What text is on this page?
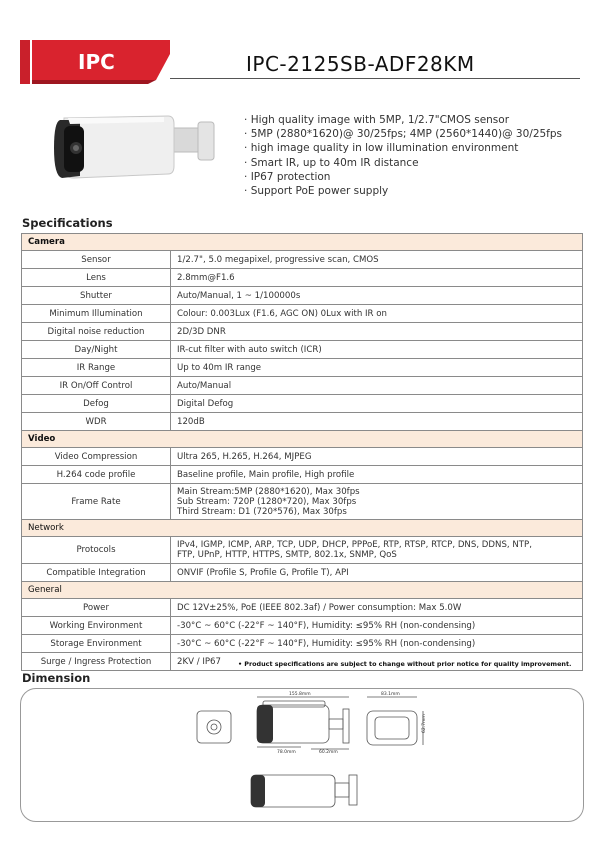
IPC	IPC-2125SB-ADF28KM
· High quality image with 5MP, 1/2.7"CMOS sensor
· 5MP (2880*1620)@ 30/25fps; 4MP (2560*1440)@ 30/25fps
· high image quality in low illumination environment
· Smart IR, up to 40m IR distance
· IP67 protection
· Support PoE power supply
Specifications
Camera	
Sensor	1/2.7", 5.0 megapixel, progressive scan, CMOS
Lens	2.8mm@F1.6
Shutter	Auto/Manual, 1 ~ 1/100000s
Minimum Illumination	Colour: 0.003Lux (F1.6, AGC ON) 0Lux with IR on
Digital noise reduction	2D/3D DNR
Day/Night	IR-cut filter with auto switch (ICR)
IR Range	Up to 40m IR range
IR On/Off Control	Auto/Manual
Defog	Digital Defog
WDR	120dB
Video	
Video Compression	Ultra 265, H.265, H.264, MJPEG
H.264 code profile	Baseline profile, Main profile, High profile
Frame Rate	Main Stream:5MP (2880*1620), Max 30fps
Sub Stream: 720P (1280*720), Max 30fps
Third Stream: D1 (720*576), Max 30fps

Network	
Protocols	IPv4, IGMP, ICMP, ARP, TCP, UDP, DHCP, PPPoE, RTP, RTSP, RTCP, DNS, DDNS, NTP,
FTP, UPnP, HTTP, HTTPS, SMTP, 802.1x, SNMP, QoS

Compatible Integration	ONVIF (Profile S, Profile G, Profile T), API
General	
Power	DC 12V±25%, PoE (IEEE 802.3af) / Power consumption: Max 5.0W
Working Environment	-30°C ~ 60°C (-22°F ~ 140°F), Humidity: ≤95% RH (non-condensing)
Storage Environment	-30°C ~ 60°C (-22°F ~ 140°F), Humidity: ≤95% RH (non-condensing)
Surge / Ingress Protection	2KV / IP67	• Product specifications are subject to change without prior notice for quality improvement.
Dimension
155.8mm	83.1mm
62.7mm
78.0mm	60.2mm
